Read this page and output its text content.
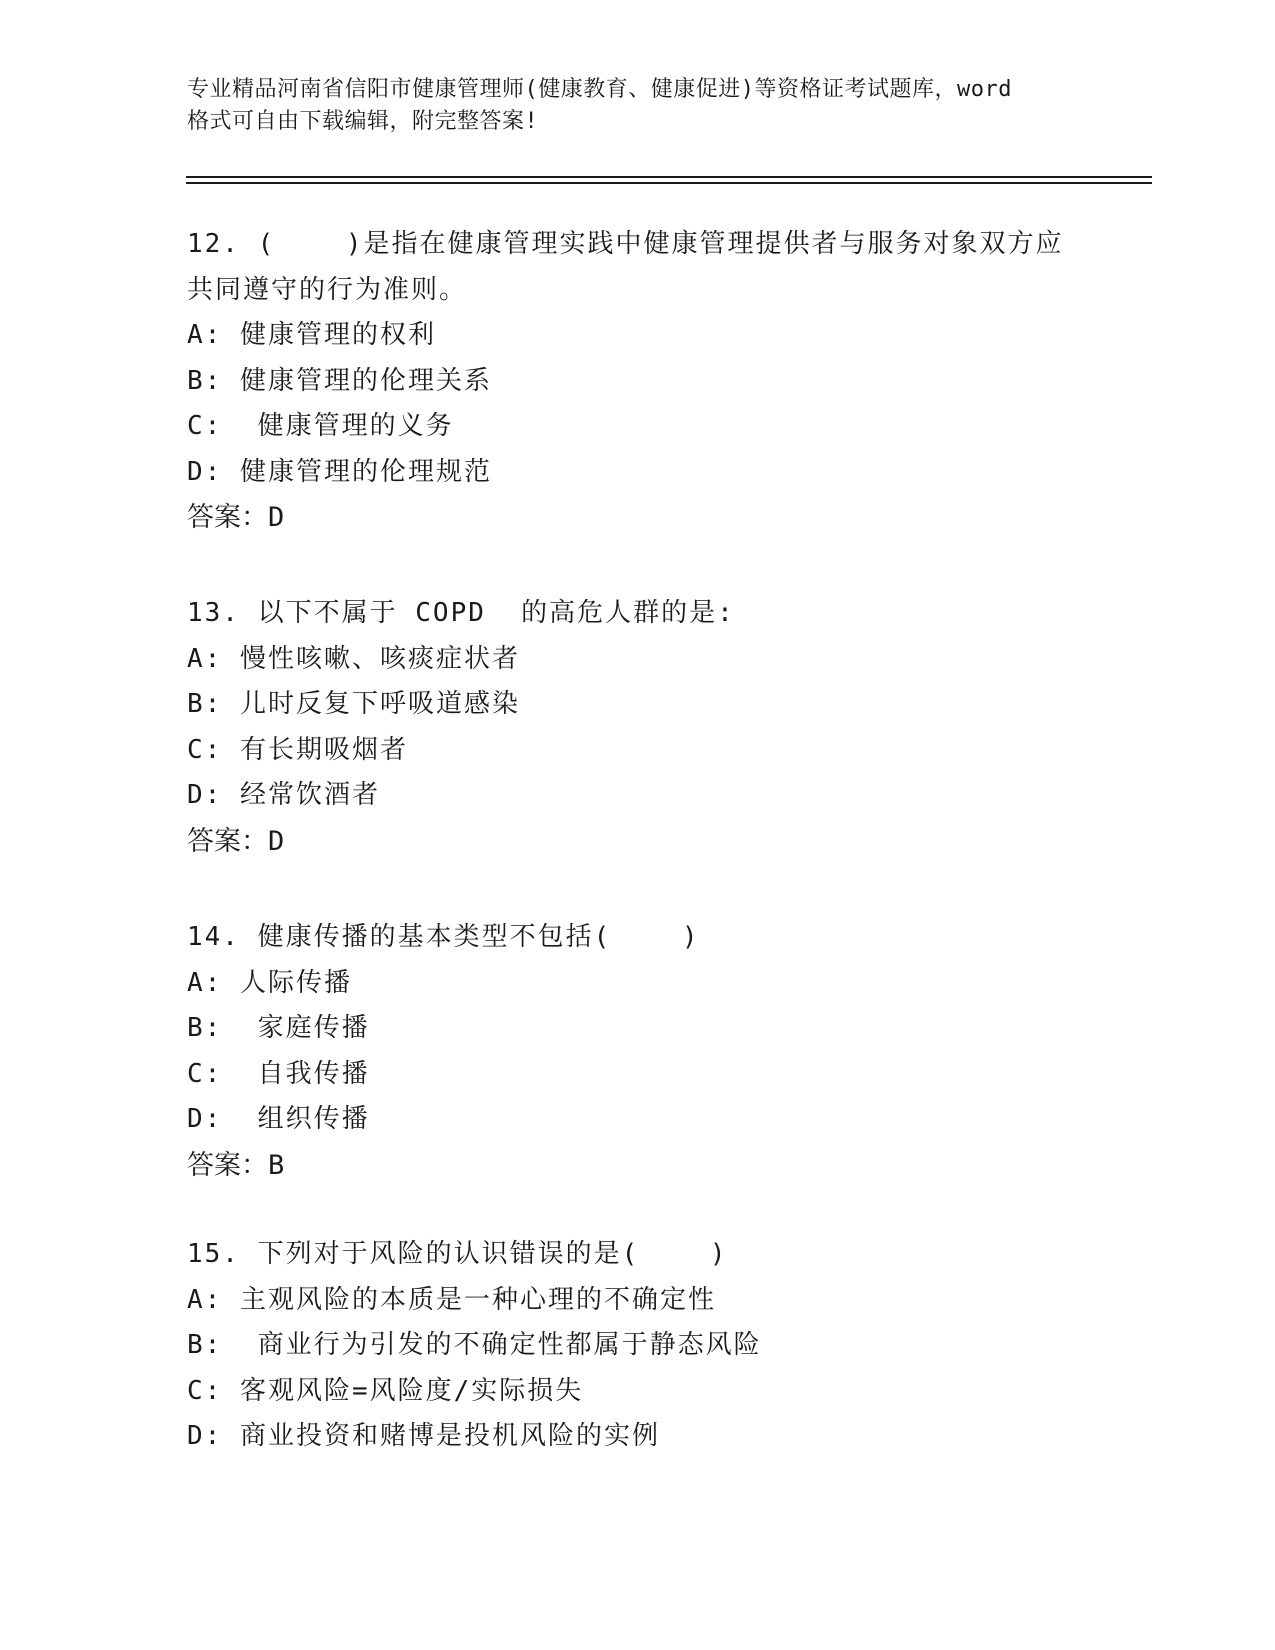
专业精品河南省信阳市健康管理师(健康教育、健康促进)等资格证考试题库，word
格式可自由下载编辑，附完整答案!
12. (    )是指在健康管理实践中健康管理提供者与服务对象双方应
共同遵守的行为准则。
A: 健康管理的权利
B: 健康管理的伦理关系
C:  健康管理的义务
D: 健康管理的伦理规范
答案：D
13. 以下不属于 COPD  的高危人群的是:
A: 慢性咳嗽、咳痰症状者
B: 儿时反复下呼吸道感染
C: 有长期吸烟者
D: 经常饮酒者
答案：D
14. 健康传播的基本类型不包括(    )
A: 人际传播
B:  家庭传播
C:  自我传播
D:  组织传播
答案：B
15. 下列对于风险的认识错误的是(    )
A: 主观风险的本质是一种心理的不确定性
B:  商业行为引发的不确定性都属于静态风险
C: 客观风险=风险度/实际损失
D: 商业投资和赌博是投机风险的实例
